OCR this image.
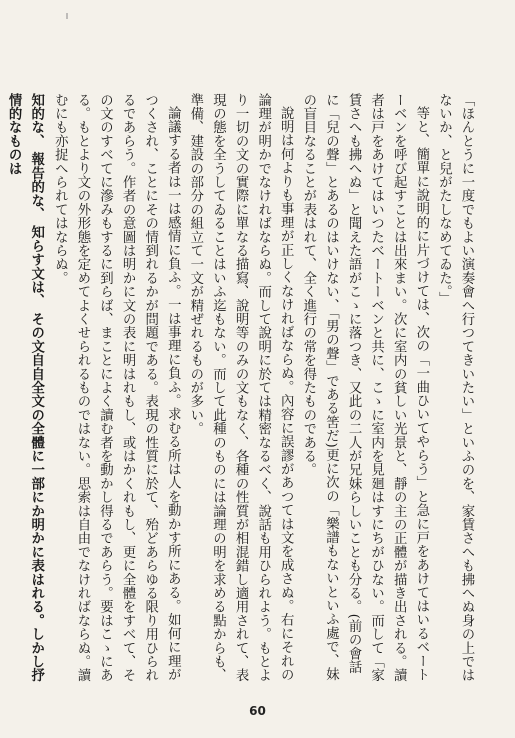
「ほんとうに一度でもよい演奏會へ行つてきいたい」といふのを、家賃さへも拂へぬ身の上ではないか、と兒がたしなめてゐた。」

等と、簡單に說明的に片づけては、次の「一曲ひいてやらう」と急に戸をあけてはいるベートーベンを呼び起すことは出來まい。次に室内の貧しい光景と、靜の主の正體が描き出される。讀者は戸をあけてはいつたべートーベンと共に、こゝに室内を見廻はすにちがひない。而して「家賃さへも拂へぬ」と聞えた語がこゝに落つき、又此の二人が兄妹らしいことも分る。(前の會話に「兒の聲」とあるのはいけない、「男の聲」である筈だ)更に次の「樂譜もないといふ處で、妹の盲目なることが表はれて、全く進行の常を得たものである。

說明は何よりも事理が正しくなければならぬ。內容に誤謬があつては文を成さぬ。右にそれの論理が明かでなければならぬ。而して說明に於ては精密なるべく、說話も用ひられよう。もとより一切の文の實際に單なる描寫、說明等のみの文もなく、各種の性質が相混錯し適用されて、表現の態を全うしてゐることはいふ迄もない。而して此種のものには論理の明を求める點からも、準備、建設の部分の組立て一文が精ぜれるものが多い。

論議する者は一は感情に負ふ。一は事理に負ふ。求むる所は人を動かす所にある。如何に理がつくされ、ことにその情到れるかが問題である。表現の性質に於て、殆どあらゆる限り用ひられるであらう。作者の意圖は明かに文の表に明はれもし、或はかくれもし、更に全體をすべて、その文のすべてに滲みもするに到らば、まことによく讀む者を動かし得るであらう。要はこゝにある。もとより文の外形態を定めてよくせられるものではない。思索は自由でなければならぬ。讀むにも亦捉へられてはならぬ。

知的な、 報告的な、 知らす文は、 その文自自全文の全體に一部にか明かに表はれる。しかし抒情的なものは

60
